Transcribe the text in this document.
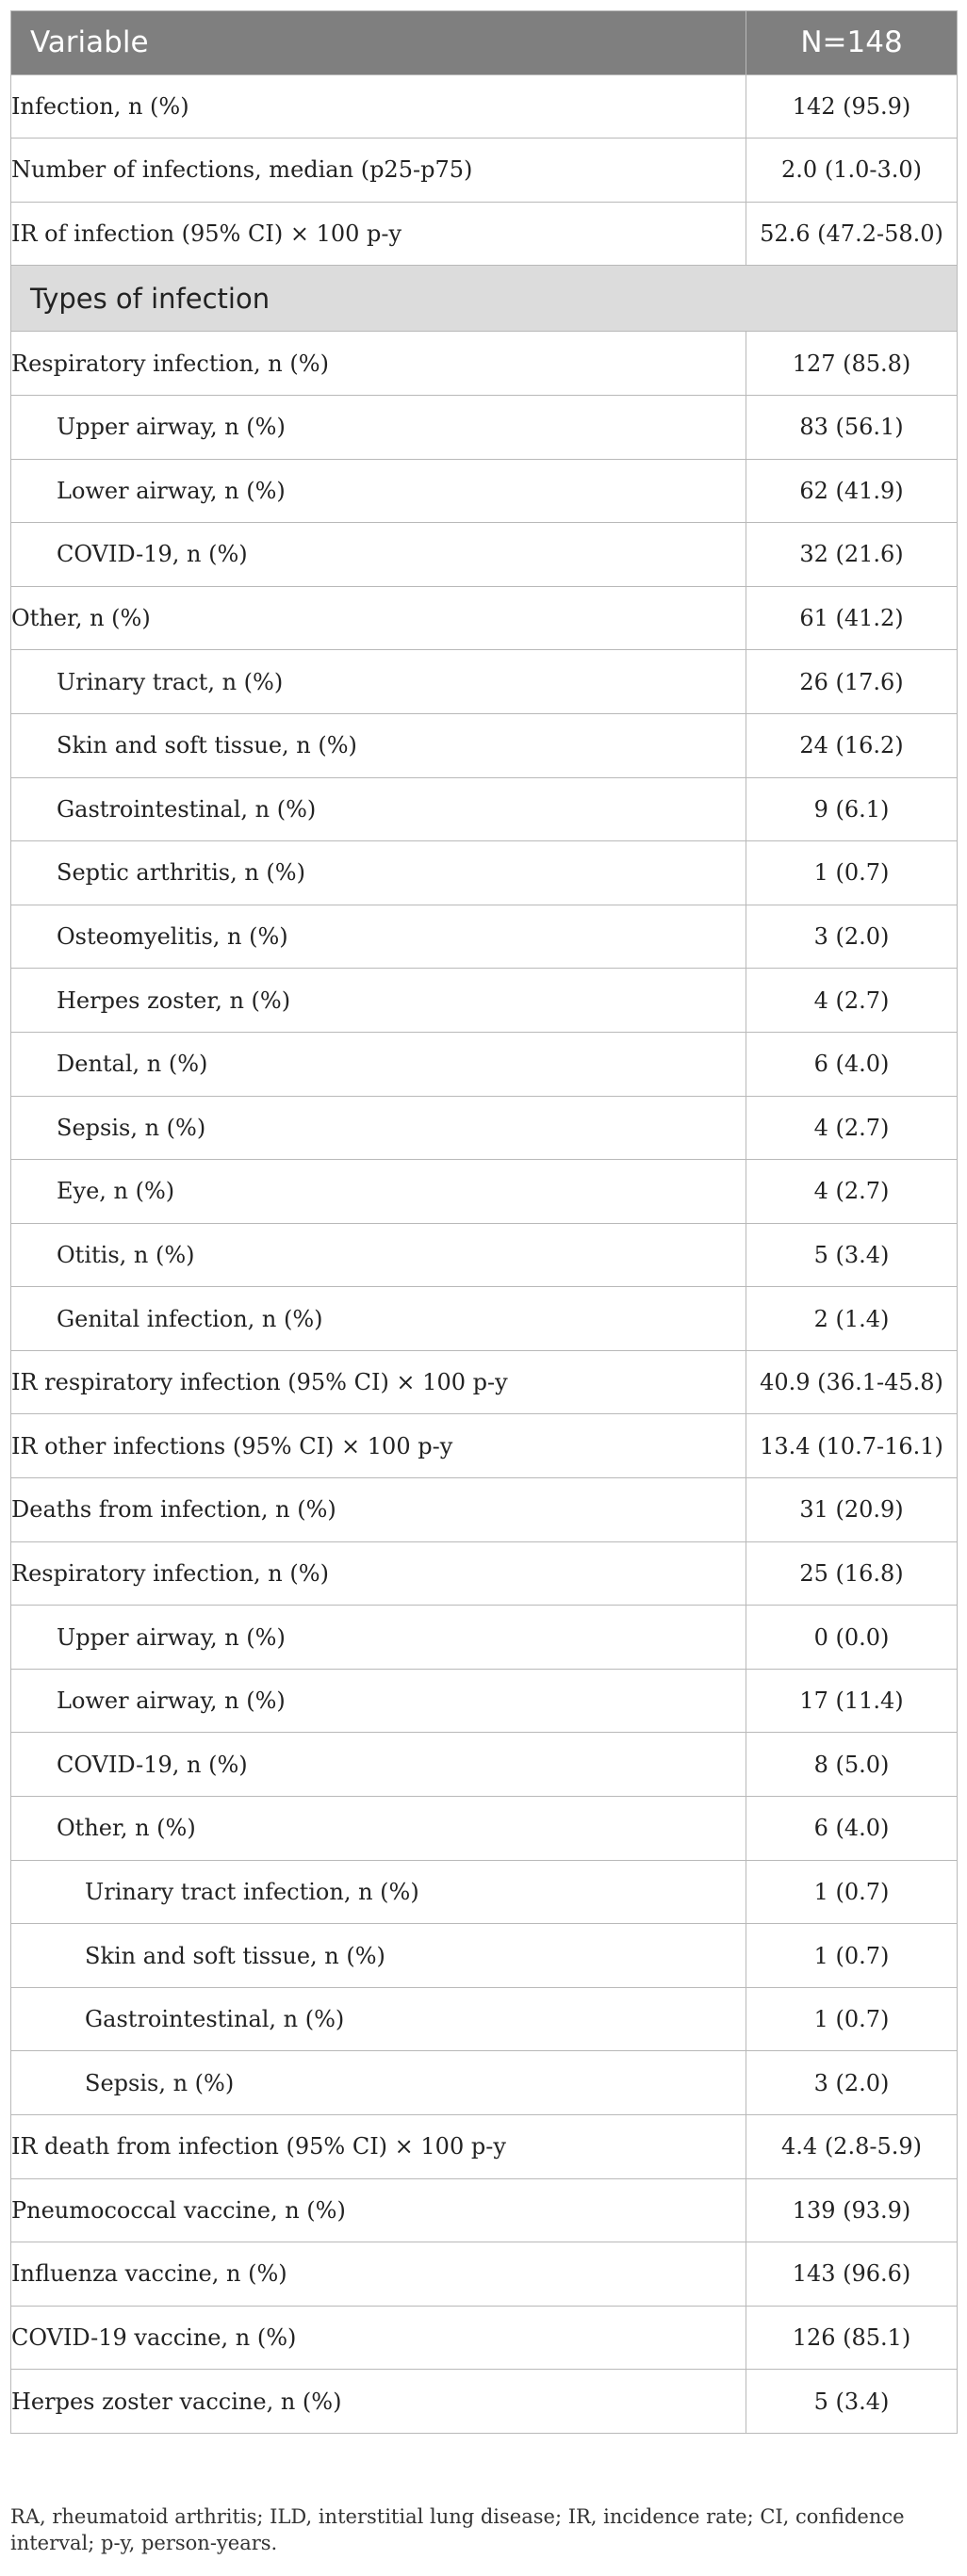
Variable	N=148
Infection, n (%)	142 (95.9)
Number of infections, median (p25-p75)	2.0 (1.0-3.0)
IR of infection (95% CI) × 100 p-y	52.6 (47.2-58.0)
Types of infection	
Respiratory infection, n (%)	127 (85.8)
Upper airway, n (%)	83 (56.1)
Lower airway, n (%)	62 (41.9)
COVID-19, n (%)	32 (21.6)
Other, n (%)	61 (41.2)
Urinary tract, n (%)	26 (17.6)
Skin and soft tissue, n (%)	24 (16.2)
Gastrointestinal, n (%)	9 (6.1)
Septic arthritis, n (%)	1 (0.7)
Osteomyelitis, n (%)	3 (2.0)
Herpes zoster, n (%)	4 (2.7)
Dental, n (%)	6 (4.0)
Sepsis, n (%)	4 (2.7)
Eye, n (%)	4 (2.7)
Otitis, n (%)	5 (3.4)
Genital infection, n (%)	2 (1.4)
IR respiratory infection (95% CI) × 100 p-y	40.9 (36.1-45.8)
IR other infections (95% CI) × 100 p-y	13.4 (10.7-16.1)
Deaths from infection, n (%)	31 (20.9)
Respiratory infection, n (%)	25 (16.8)
Upper airway, n (%)	0 (0.0)
Lower airway, n (%)	17 (11.4)
COVID-19, n (%)	8 (5.0)
Other, n (%)	6 (4.0)
Urinary tract infection, n (%)	1 (0.7)
Skin and soft tissue, n (%)	1 (0.7)
Gastrointestinal, n (%)	1 (0.7)
Sepsis, n (%)	3 (2.0)
IR death from infection (95% CI) × 100 p-y	4.4 (2.8-5.9)
Pneumococcal vaccine, n (%)	139 (93.9)
Influenza vaccine, n (%)	143 (96.6)
COVID-19 vaccine, n (%)	126 (85.1)
Herpes zoster vaccine, n (%)	5 (3.4)
RA, rheumatoid arthritis; ILD, interstitial lung disease; IR, incidence rate; CI, confidence interval; p-y, person-years.
